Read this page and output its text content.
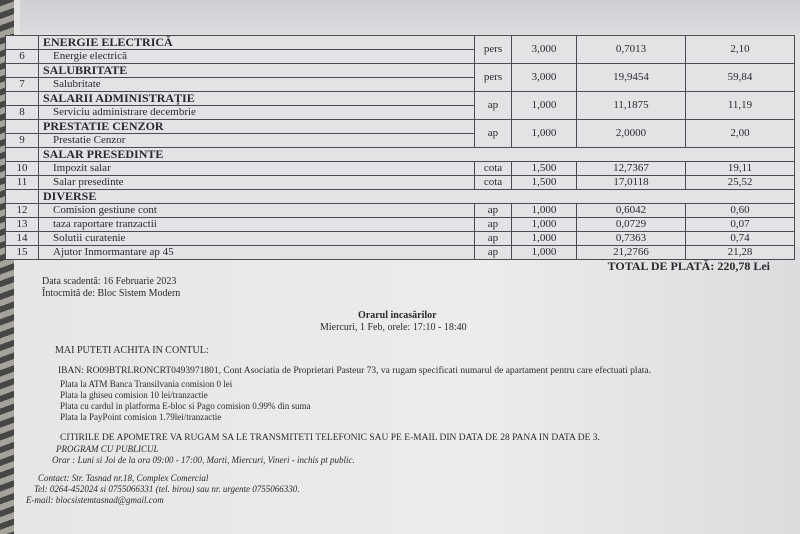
	ENERGIE ELECTRICĂ	pers	3,000	0,7013	2,10
6	Energie electrică				
	SALUBRITATE	pers	3,000	19,9454	59,84
7	Salubritate				
	SALARII ADMINISTRAȚIE	ap	1,000	11,1875	11,19
8	Serviciu administrare decembrie				
	PRESTATIE CENZOR	ap	1,000	2,0000	2,00
9	Prestatie Cenzor				
	SALAR PRESEDINTE				
10	Impozit salar	cota	1,500	12,7367	19,11
11	Salar presedinte	cota	1,500	17,0118	25,52
	DIVERSE				
12	Comision gestiune cont	ap	1,000	0,6042	0,60
13	taza raportare tranzactii	ap	1,000	0,0729	0,07
14	Solutii curatenie	ap	1,000	0,7363	0,74
15	Ajutor Inmormantare ap 45	ap	1,000	21,2766	21,28
TOTAL DE PLATĂ: 220,78 Lei
Data scadentă: 16 Februarie 2023
Întocmită de: Bloc Sistem Modern
Orarul incasărilor
Miercuri, 1 Feb, orele: 17:10 - 18:40
MAI PUTETI ACHITA IN CONTUL:
IBAN: RO09BTRLRONCRT0493971801, Cont Asociatia de Proprietari Pasteur 73, va rugam specificati numarul de apartament pentru care efectuati plata.
Plata la ATM Banca Transilvania comision 0 lei
Plata la ghiseu comision 10 lei/tranzactie
Plata cu cardul in platforma E-bloc si Pago comision 0.99% din suma
Plata la PayPoint comision 1.79lei/tranzactie
CITIRILE DE APOMETRE VA RUGAM SA LE TRANSMITETI TELEFONIC SAU PE E-MAIL DIN DATA DE 28 PANA IN DATA DE 3.
PROGRAM CU PUBLICUL
Orar : Luni si Joi de la ora 09:00 - 17:00, Marti, Miercuri, Vineri - inchis pt public.
Contact: Str. Tasnad nr.18, Complex Comercial
Tel: 0264-452024 si 0755066331 (tel. birou) sau nr. urgente 0755066330.
E-mail: blocsistemtasnad@gmail.com
